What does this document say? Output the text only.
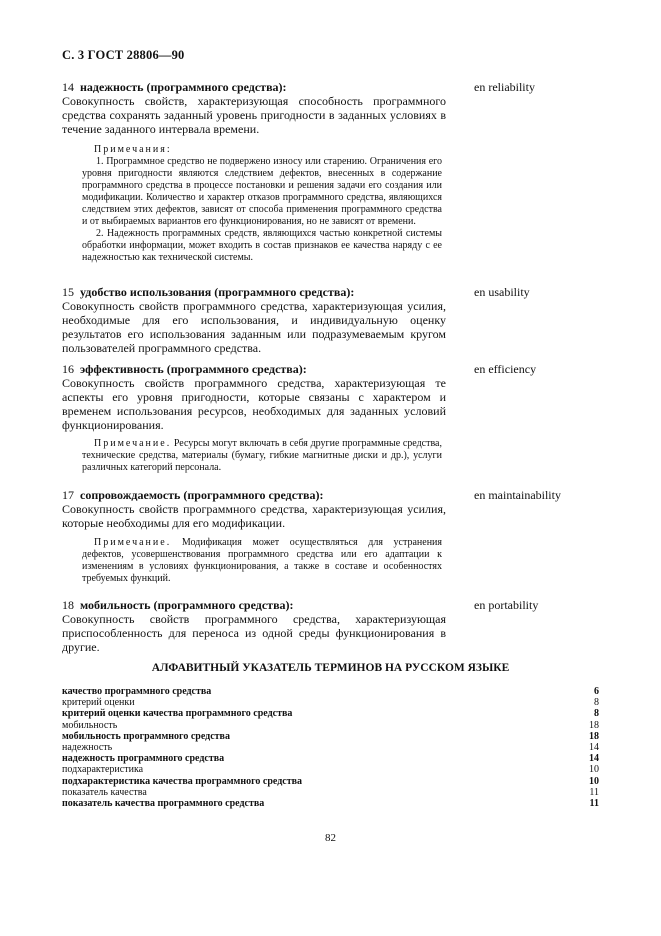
С. 3 ГОСТ 28806—90
14 надежность (программного средства):
Совокупность свойств, характеризующая способность программного средства сохранять заданный уровень пригодности в заданных условиях в течение заданного интервала времени.
en reliability

Примечания:

1. Программное средство не подвержено износу или старению. Ограничения его уровня пригодности являются следствием дефектов, внесенных в содержание программного средства в процессе постановки и решения задачи его создания или модификации. Количество и характер отказов программного средства, являющихся следствием этих дефектов, зависят от способа применения программного средства и от выбираемых вариантов его функционирования, но не зависят от времени.

2. Надежность программных средств, являющихся частью конкретной системы обработки информации, может входить в состав признаков ее качества наряду с ее надежностью как технической системы.

15 удобство использования (программного средства):
Совокупность свойств программного средства, характеризующая усилия, необходимые для его использования, и индивидуальную оценку результатов его использования заданным или подразумеваемым кругом пользователей программного средства.
en usability
16 эффективность (программного средства):
Совокупность свойств программного средства, характеризующая те аспекты его уровня пригодности, которые связаны с характером и временем использования ресурсов, необходимых для заданных условий функционирования.
en efficiency

Примечание. Ресурсы могут включать в себя другие программные средства, технические средства, материалы (бумагу, гибкие магнитные диски и др.), услуги различных категорий персонала.

17 сопровождаемость (программного средства):
Совокупность свойств программного средства, характеризующая усилия, которые необходимы для его модификации.
en maintainability

Примечание. Модификация может осуществляться для устранения дефектов, усовершенствования программного средства или его адаптации к изменениям в условиях функционирования, а также в составе и особенностях требуемых функций.

18 мобильность (программного средства):
Совокупность свойств программного средства, характеризующая приспособленность для переноса из одной среды функционирования в другие.
en portability
АЛФАВИТНЫЙ УКАЗАТЕЛЬ ТЕРМИНОВ НА РУССКОМ ЯЗЫКЕ
качество программного средства	6
критерий оценки	8
критерий оценки качества программного средства	8
мобильность	18
мобильность программного средства	18
надежность	14
надежность программного средства	14
подхарактеристика	10
подхарактеристика качества программного средства	10
показатель качества	11
показатель качества программного средства	11
82
